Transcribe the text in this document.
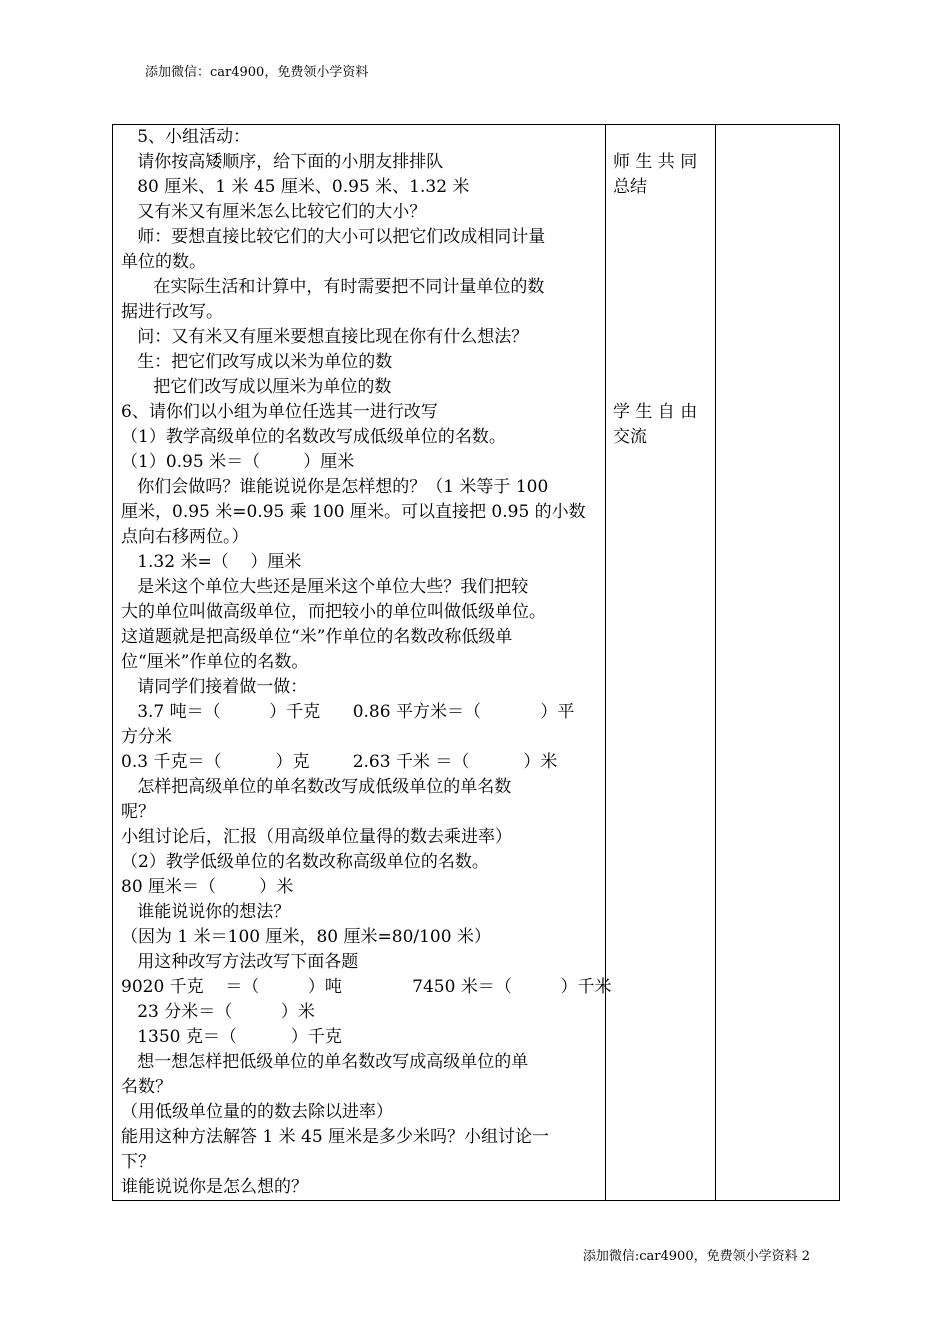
添加微信：car4900，免费领小学资料
5、小组活动：
请你按高矮顺序，给下面的小朋友排排队
80 厘米、1 米 45 厘米、0.95 米、1.32 米
又有米又有厘米怎么比较它们的大小？
师：要想直接比较它们的大小可以把它们改成相同计量
单位的数。
在实际生活和计算中，有时需要把不同计量单位的数
据进行改写。
问：又有米又有厘米要想直接比现在你有什么想法？
生：把它们改写成以米为单位的数
把它们改写成以厘米为单位的数
6、请你们以小组为单位任选其一进行改写
（1）教学高级单位的名数改写成低级单位的名数。
（1）0.95 米＝（        ）厘米
你们会做吗？谁能说说你是怎样想的？（1 米等于 100
厘米，0.95 米=0.95 乘 100 厘米。可以直接把 0.95 的小数
点向右移两位。）
1.32 米=（    ）厘米
是米这个单位大些还是厘米这个单位大些？我们把较
大的单位叫做高级单位，而把较小的单位叫做低级单位。
这道题就是把高级单位“米”作单位的名数改称低级单
位“厘米”作单位的名数。
请同学们接着做一做：
3.7 吨＝（         ）千克      0.86 平方米＝（           ）平
方分米
0.3 千克＝（          ）克        2.63 千米 ＝（          ）米
怎样把高级单位的单名数改写成低级单位的单名数
呢？
小组讨论后，汇报（用高级单位量得的数去乘进率）
（2）教学低级单位的名数改称高级单位的名数。
80 厘米＝（        ）米
谁能说说你的想法？
（因为 1 米＝100 厘米，80 厘米=80/100 米）
用这种改写方法改写下面各题
9020 千克    ＝（         ）吨             7450 米＝（         ）千米
23 分米＝（         ）米
1350 克＝（          ）千克
想一想怎样把低级单位的单名数改写成高级单位的单
名数？
（用低级单位量的的数去除以进率）
能用这种方法解答 1 米 45 厘米是多少米吗？小组讨论一
下？
谁能说说你是怎么想的？

师 生 共 同
总结
学 生 自 由
交流

添加微信:car4900，免费领小学资料 2
